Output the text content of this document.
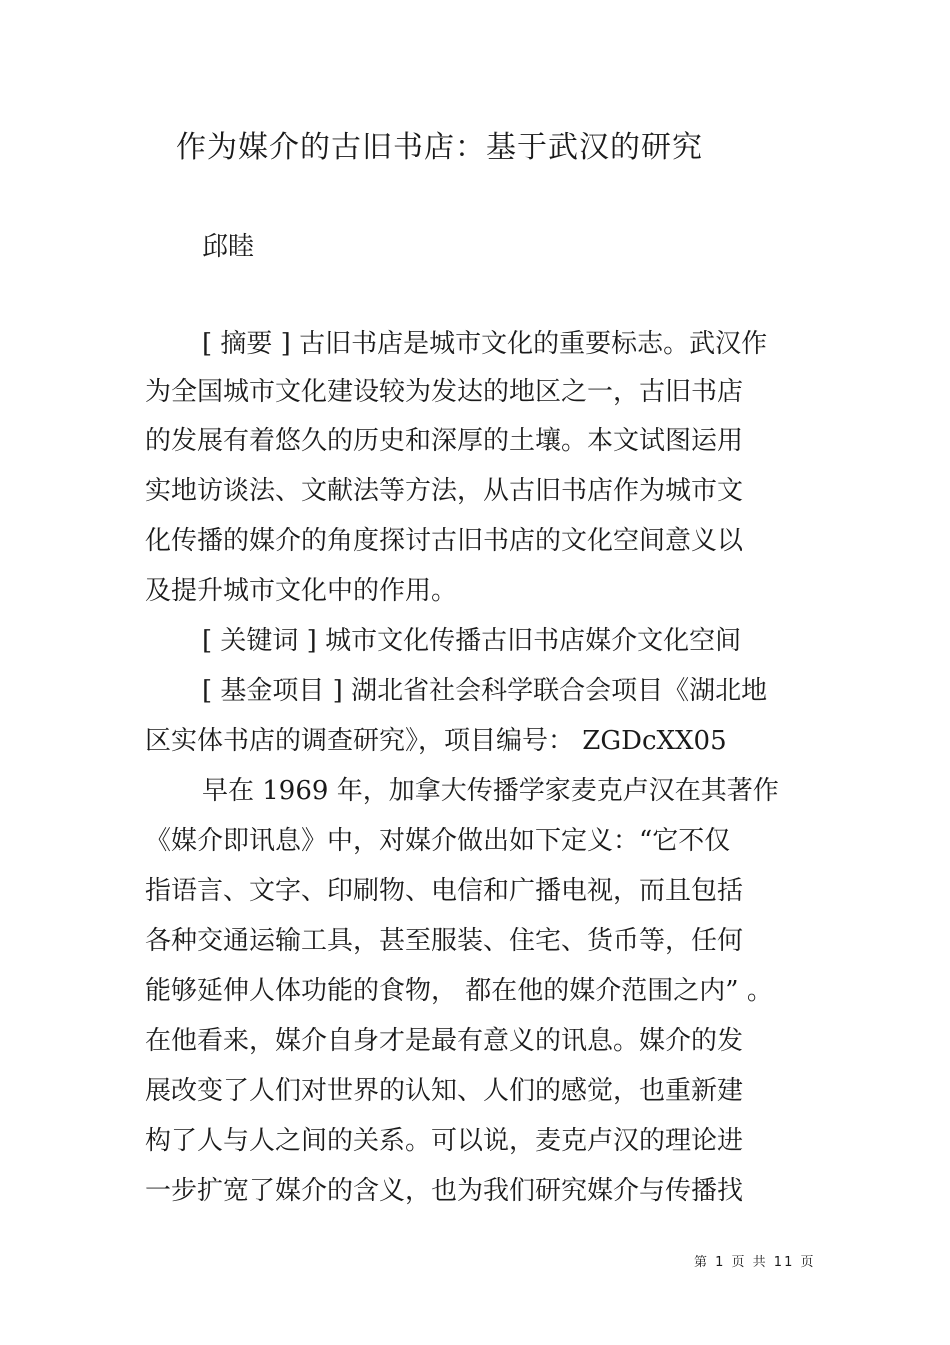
作为媒介的古旧书店：基于武汉的研究
邱睦
[ 摘要 ] 古旧书店是城市文化的重要标志。武汉作
为全国城市文化建设较为发达的地区之一，古旧书店
的发展有着悠久的历史和深厚的土壤。本文试图运用
实地访谈法、文献法等方法，从古旧书店作为城市文
化传播的媒介的角度探讨古旧书店的文化空间意义以
及提升城市文化中的作用。
[ 关键词 ] 城市文化传播古旧书店媒介文化空间
[ 基金项目 ] 湖北省社会科学联合会项目《湖北地
区实体书店的调查研究》，项目编号： ZGDcXX05
早在 1969 年，加拿大传播学家麦克卢汉在其著作
《媒介即讯息》中，对媒介做出如下定义：“它不仅
指语言、文字、印刷物、电信和广播电视，而且包括
各种交通运输工具，甚至服装、住宅、货币等，任何
能够延伸人体功能的食物， 都在他的媒介范围之内” 。
在他看来，媒介自身才是最有意义的讯息。媒介的发
展改变了人们对世界的认知、人们的感觉，也重新建
构了人与人之间的关系。可以说，麦克卢汉的理论进
一步扩宽了媒介的含义，也为我们研究媒介与传播找
第 1 页 共 11 页
